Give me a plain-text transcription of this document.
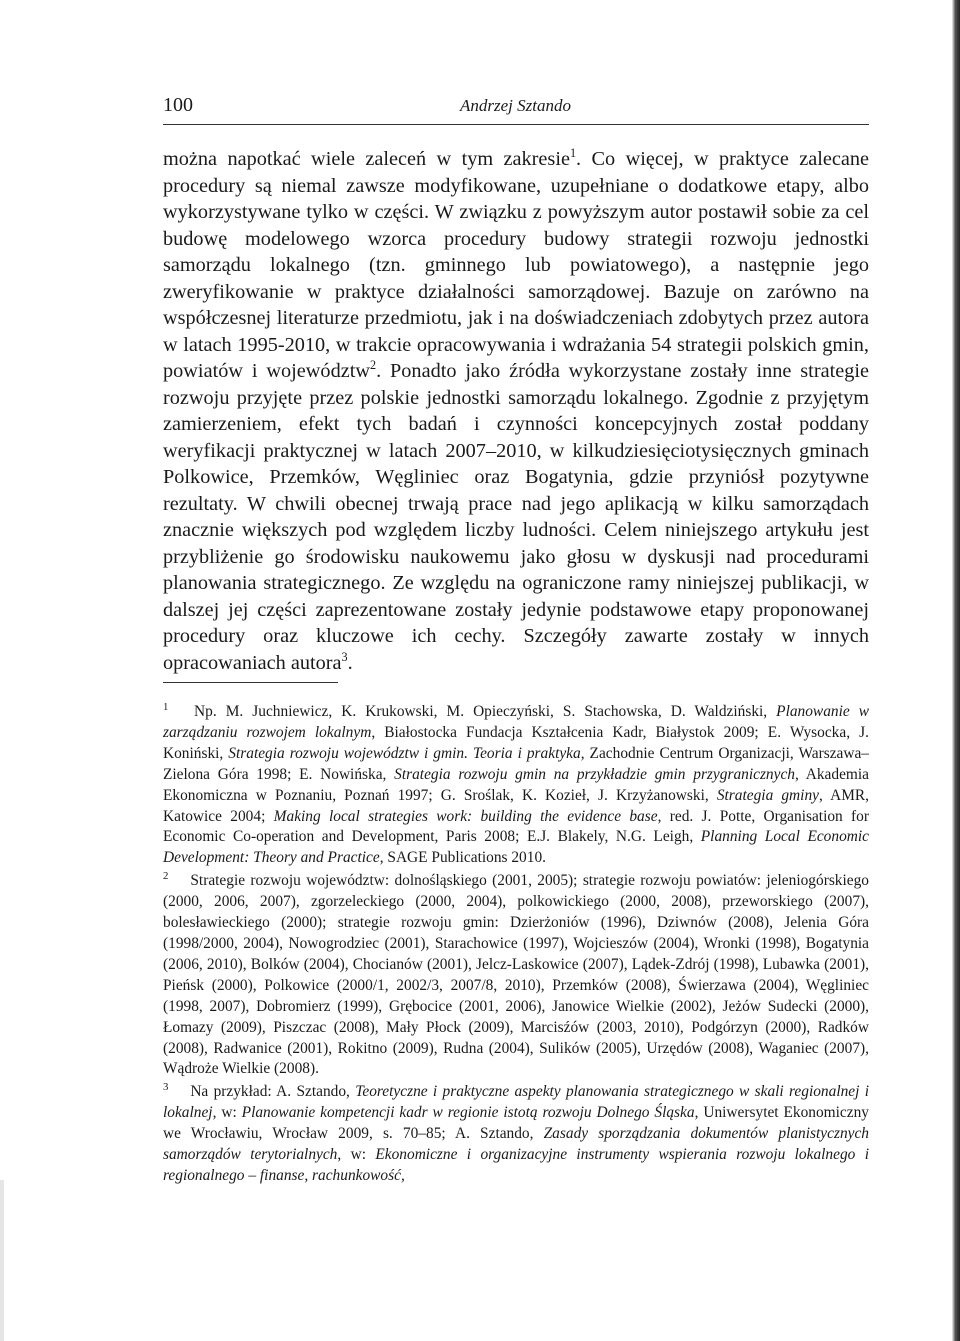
100	Andrzej Sztando

można napotkać wiele zaleceń w tym zakresie$^1$. Co więcej, w praktyce zalecane procedury są niemal zawsze modyfikowane, uzupełniane o dodatkowe etapy, albo wykorzystywane tylko w części. W związku z powyższym autor postawił sobie za cel budowę modelowego wzorca procedury budowy strategii rozwoju jednostki samorządu lokalnego (tzn. gminnego lub powiatowego), a następnie jego zweryfikowanie w praktyce działalności samorządowej. Bazuje on zarówno na współczesnej literaturze przedmiotu, jak i na doświadczeniach zdobytych przez autora w latach 1995-2010, w trakcie opracowywania i wdrażania 54 strategii polskich gmin, powiatów i województw$^2$. Ponadto jako źródła wykorzystane zostały inne strategie rozwoju przyjęte przez polskie jednostki samorządu lokalnego. Zgodnie z przyjętym zamierzeniem, efekt tych badań i czynności koncepcyjnych został poddany weryfikacji praktycznej w latach 2007–2010, w kilkudziesięciotysięcznych gminach Polkowice, Przemków, Węgliniec oraz Bogatynia, gdzie przyniósł pozytywne rezultaty. W chwili obecnej trwają prace nad jego aplikacją w kilku samorządach znacznie większych pod względem liczby ludności. Celem niniejszego artykułu jest przybliżenie go środowisku naukowemu jako głosu w dyskusji nad procedurami planowania strategicznego. Ze względu na ograniczone ramy niniejszej publikacji, w dalszej jej części zaprezentowane zostały jedynie podstawowe etapy proponowanej procedury oraz kluczowe ich cechy. Szczegóły zawarte zostały w innych opracowaniach autora$^3$.

1 Np. M. Juchniewicz, K. Krukowski, M. Opieczyński, S. Stachowska, D. Waldziński, Planowanie w zarządzaniu rozwojem lokalnym, Białostocka Fundacja Kształcenia Kadr, Białystok 2009; E. Wysocka, J. Koniński, Strategia rozwoju województw i gmin. Teoria i praktyka, Zachodnie Centrum Organizacji, Warszawa–Zielona Góra 1998; E. Nowińska, Strategia rozwoju gmin na przykładzie gmin przygranicznych, Akademia Ekonomiczna w Poznaniu, Poznań 1997; G. Sroślak, K. Kozieł, J. Krzyżanowski, Strategia gminy, AMR, Katowice 2004; Making local strategies work: building the evidence base, red. J. Potte, Organisation for Economic Co-operation and Development, Paris 2008; E.J. Blakely, N.G. Leigh, Planning Local Economic Development: Theory and Practice, SAGE Publications 2010.

2 Strategie rozwoju województw: dolnośląskiego (2001, 2005); strategie rozwoju powiatów: jeleniogórskiego (2000, 2006, 2007), zgorzeleckiego (2000, 2004), polkowickiego (2000, 2008), przeworskiego (2007), bolesławieckiego (2000); strategie rozwoju gmin: Dzierżoniów (1996), Dziwnów (2008), Jelenia Góra (1998/2000, 2004), Nowogrodziec (2001), Starachowice (1997), Wojcieszów (2004), Wronki (1998), Bogatynia (2006, 2010), Bolków (2004), Chocianów (2001), Jelcz-Laskowice (2007), Lądek-Zdrój (1998), Lubawka (2001), Pieńsk (2000), Polkowice (2000/1, 2002/3, 2007/8, 2010), Przemków (2008), Świerzawa (2004), Węgliniec (1998, 2007), Dobromierz (1999), Grębocice (2001, 2006), Janowice Wielkie (2002), Jeżów Sudecki (2000), Łomazy (2009), Piszczac (2008), Mały Płock (2009), Marcisźów (2003, 2010), Podgórzyn (2000), Radków (2008), Radwanice (2001), Rokitno (2009), Rudna (2004), Sulików (2005), Urzędów (2008), Waganiec (2007), Wądroże Wielkie (2008).

3 Na przykład: A. Sztando, Teoretyczne i praktyczne aspekty planowania strategicznego w skali regionalnej i lokalnej, w: Planowanie kompetencji kadr w regionie istotą rozwoju Dolnego Śląska, Uniwersytet Ekonomiczny we Wrocławiu, Wrocław 2009, s. 70–85; A. Sztando, Zasady sporządzania dokumentów planistycznych samorządów terytorialnych, w: Ekonomiczne i organizacyjne instrumenty wspierania rozwoju lokalnego i regionalnego – finanse, rachunkowość,
